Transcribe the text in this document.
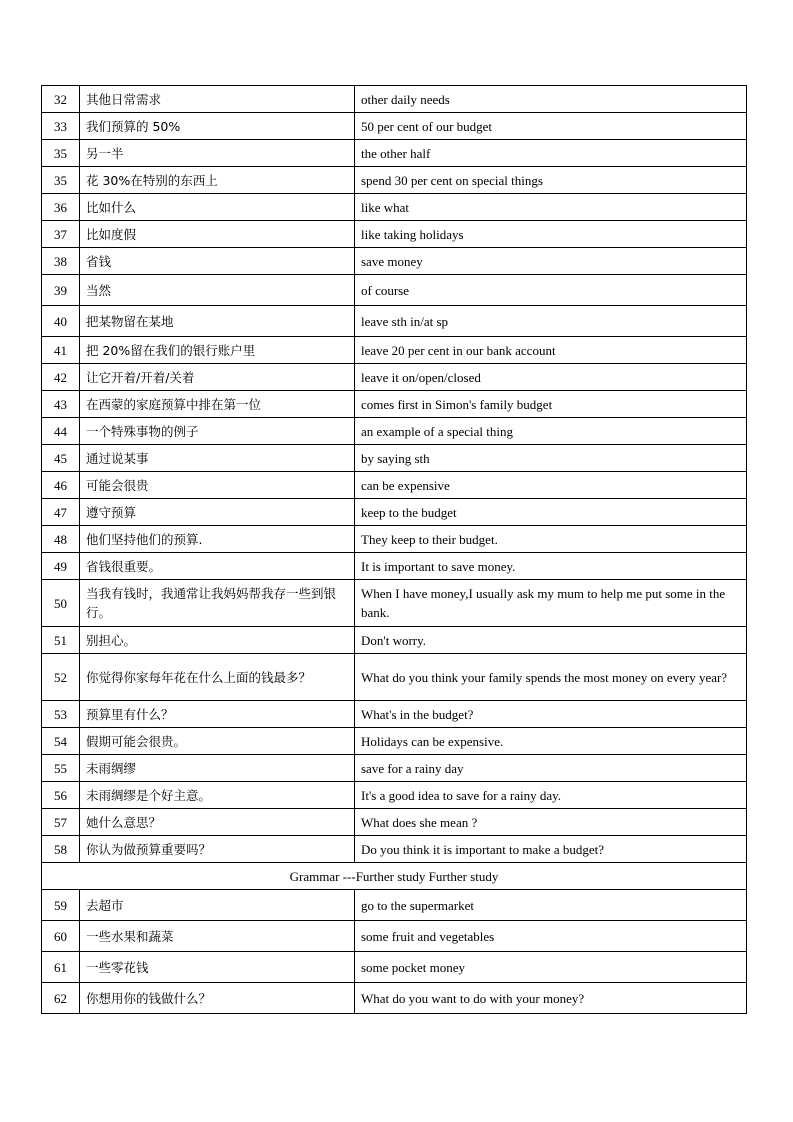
32	其他日常需求	other daily needs
33	我们预算的 50%	50 per cent of our budget
35	另一半	the other half
35	花 30%在特别的东西上	spend 30 per cent on special things
36	比如什么	like what
37	比如度假	like taking holidays
38	省钱	save money
39	当然	of course
40	把某物留在某地	leave sth in/at sp
41	把 20%留在我们的银行账户里	leave 20 per cent in our bank account
42	让它开着/开着/关着	leave it on/open/closed
43	在西蒙的家庭预算中排在第一位	comes first in Simon's family budget
44	一个特殊事物的例子	an example of a special thing
45	通过说某事	by saying sth
46	可能会很贵	can be expensive
47	遵守预算	keep to the budget
48	他们坚持他们的预算.	They keep to their budget.
49	省钱很重要。	It is important to save money.
50	当我有钱时，我通常让我妈妈帮我存一些到银行。	When I have money,I usually ask my mum to help me put some in the bank.
51	别担心。	Don't worry.
52	你觉得你家每年花在什么上面的钱最多？	What do you think your family spends the most money on every year?
53	预算里有什么？	What's in the budget?
54	假期可能会很贵。	Holidays can be expensive.
55	未雨绸缪	save for a rainy day
56	未雨绸缪是个好主意。	It's a good idea to save for a rainy day.
57	她什么意思？	What does she mean ?
58	你认为做预算重要吗？	Do you think it is important to make a budget?
Grammar ---Further study Further study		
59	去超市	go to the supermarket
60	一些水果和蔬菜	some fruit and vegetables
61	一些零花钱	some pocket money
62	你想用你的钱做什么？	What do you want to do with your money?
